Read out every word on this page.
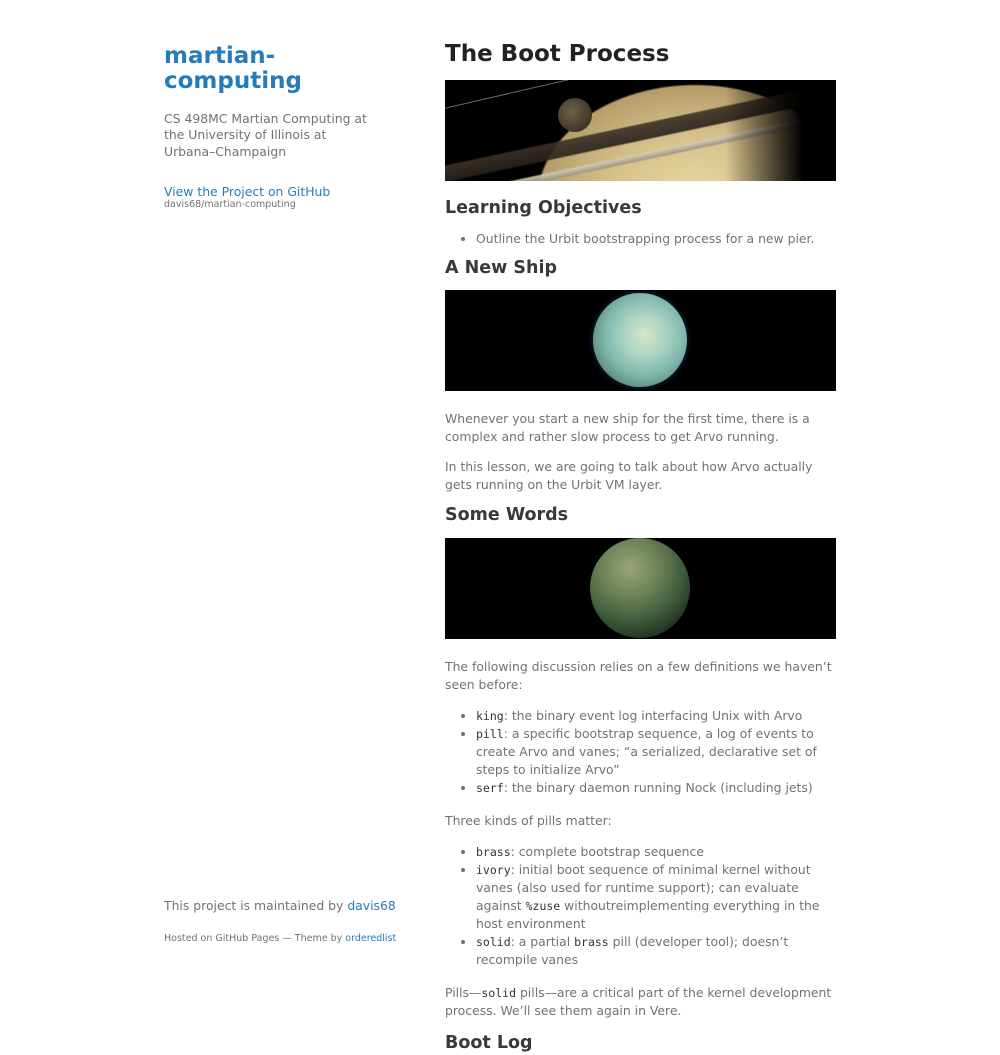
martian-
computing

CS 498MC Martian Computing at the University of Illinois at Urbana–Champaign

View the Project on GitHub
davis68/martian-computing
This project is maintained by davis68
Hosted on GitHub Pages — Theme by orderedlist
The Boot Process
Learning Objectives
• Outline the Urbit bootstrapping process for a new pier.
A New Ship

Whenever you start a new ship for the first time, there is a complex and rather slow process to get Arvo running.

In this lesson, we are going to talk about how Arvo actually gets running on the Urbit VM layer.

Some Words

The following discussion relies on a few definitions we haven’t seen before:

• king: the binary event log interfacing Unix with Arvo
• pill: a specific bootstrap sequence, a log of events to create Arvo and vanes; “a serialized, declarative set of steps to initialize Arvo”
• serf: the binary daemon running Nock (including jets)

Three kinds of pills matter:

• brass: complete bootstrap sequence
• ivory: initial boot sequence of minimal kernel without vanes (also used for runtime support); can evaluate against %zuse withoutreimplementing everything in the host environment
• solid: a partial brass pill (developer tool); doesn’t recompile vanes

Pills—solid pills—are a critical part of the kernel development process. We’ll see them again in Vere.

Boot Log
